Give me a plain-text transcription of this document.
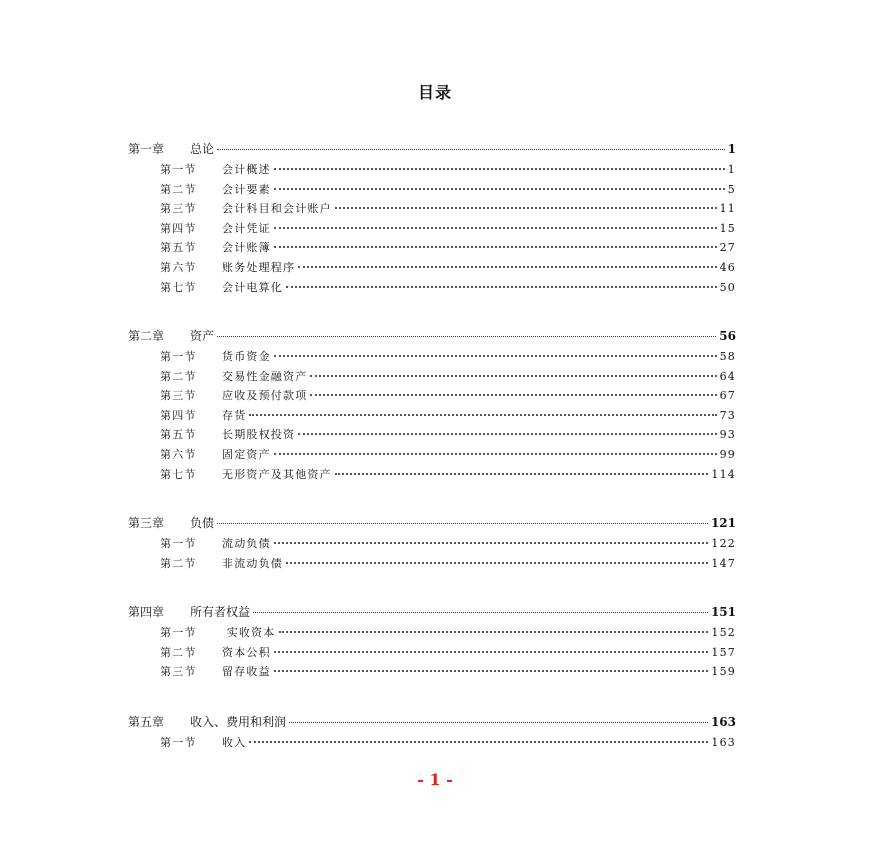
目录
第一章 总论	1
第一节 会计概述	1
第二节 会计要素	5
第三节 会计科目和会计账户	11
第四节 会计凭证	15
第五节 会计账簿	27
第六节 账务处理程序	46
第七节 会计电算化	50
第二章 资产	56
第一节 货币资金	58
第二节 交易性金融资产	64
第三节 应收及预付款项	67
第四节 存货	73
第五节 长期股权投资	93
第六节 固定资产	99
第七节 无形资产及其他资产	114
第三章 负债	121
第一节 流动负债	122
第二节 非流动负债	147
第四章 所有者权益	151
第一节 实收资本	152
第二节 资本公积	157
第三节 留存收益	159
第五章 收入、费用和利润	163
第一节 收入	163
- 1 -
